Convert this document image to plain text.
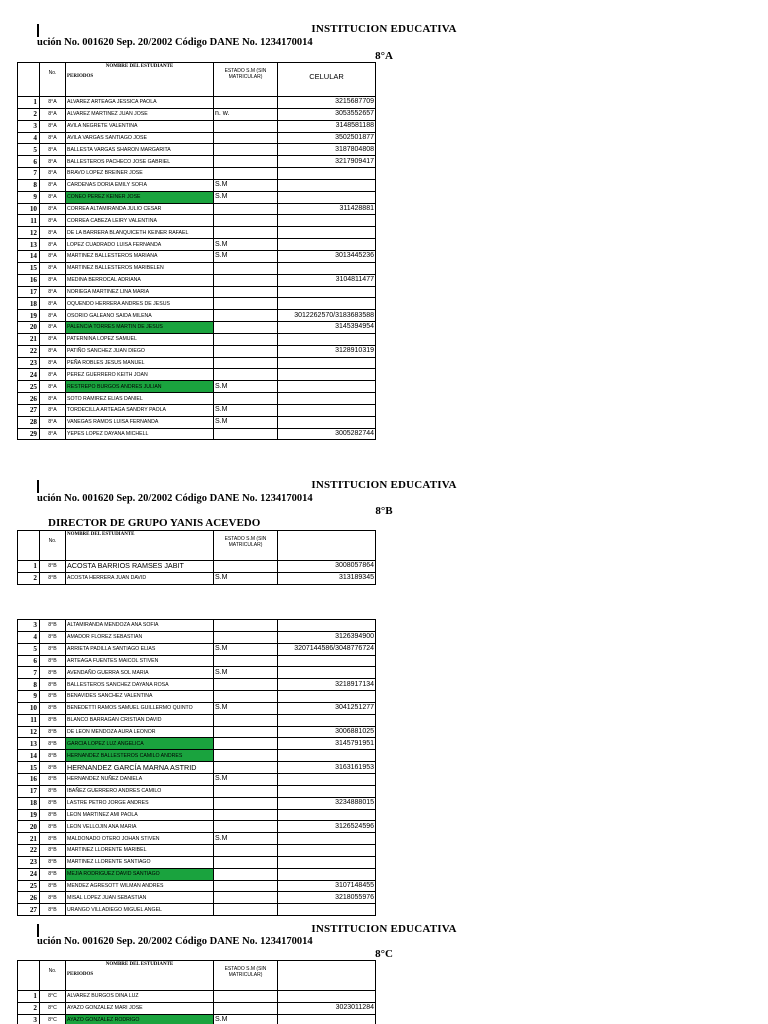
INSTITUCION EDUCATIVA
ución No. 001620 Sep. 20/2002 Código DANE No. 1234170014
8°A
	No.	NOMBRE DEL ESTUDIANTE
PERIODOS	ESTADO S.M (SIN MATRICULAR)	CELULAR
1	8°A	ALVAREZ ARTEAGA JESSICA PAOLA		3215687709
2	8°A	ALVAREZ MARTINEZ JUAN JOSE	n. w.	3053552657
3	8°A	AVILA NEGRETE VALENTINA		3148581188
4	8°A	AVILA VARGAS SANTIAGO JOSE		3502501877
5	8°A	BALLESTA VARGAS SHARON MARGARITA		3187804808
6	8°A	BALLESTEROS PACHECO JOSE GABRIEL		3217909417
7	8°A	BRAVO LOPEZ BREINER JOSE		
8	8°A	CARDENAS DORIA EMILY SOFIA	S.M	
9	8°A	CONEO PEREZ KEINER JOSE	S.M	
10	8°A	CORREA ALTAMIRANDA JULIO CESAR		311428881
11	8°A	CORREA CABEZA LEIRY VALENTINA		
12	8°A	DE LA BARRERA BLANQUICETH KEINER RAFAEL		
13	8°A	LOPEZ CUADRADO LUISA FERNANDA	S.M	
14	8°A	MARTINEZ BALLESTEROS MARIANA	S.M	3013445236
15	8°A	MARTINEZ BALLESTEROS MARIBELEN		
16	8°A	MEDINA BERROCAL ADRIANA		3104811477
17	8°A	NORIEGA MARTINEZ LINA MARIA		
18	8°A	OQUENDO HERRERA ANDRES DE JESUS		
19	8°A	OSORIO GALEANO SAIDA MILENA		3012262570/3183683588
20	8°A	PALENCIA TORRES MARTIN DE JESUS		3145394954
21	8°A	PATERNINA LOPEZ SAMUEL		
22	8°A	PATIÑO SANCHEZ JUAN DIEGO		3128910319
23	8°A	PEÑA ROBLES JESUS MANUEL		
24	8°A	PEREZ GUERRERO KEITH JOAN		
25	8°A	RESTREPO BURGOS ANDRES JULIAN	S.M	
26	8°A	SOTO RAMIREZ ELIAS DANIEL		
27	8°A	TORDECILLA ARTEAGA SANDRY PAOLA	S.M	
28	8°A	VANEGAS RAMOS LUISA FERNANDA	S.M	
29	8°A	YEPES LOPEZ DAYANA MICHELL		3005282744
INSTITUCION EDUCATIVA
ución No. 001620 Sep. 20/2002 Código DANE No. 1234170014
8°B
DIRECTOR DE GRUPO YANIS ACEVEDO
	No.	NOMBRE DEL ESTUDIANTE	ESTADO S.M (SIN MATRICULAR)	
1	8°B	ACOSTA BARRIOS RAMSES JABIT		3008057864
2	8°B	ACOSTA HERRERA JUAN DAVID	S.M	313189345
3	8°B	ALTAMIRANDA MENDOZA ANA SOFIA		
4	8°B	AMADOR FLOREZ SEBASTIAN		3126394900
5	8°B	ARRIETA PADILLA SANTIAGO ELIAS	S.M	3207144586/3048776724
6	8°B	ARTEAGA FUENTES MAICOL STIVEN		
7	8°B	AVENDAÑO GUERRA SOL MARIA	S.M	
8	8°B	BALLESTEROS SANCHEZ DAYANA ROSA		3218917134
9	8°B	BENAVIDES SANCHEZ VALENTINA		
10	8°B	BENEDETTI RAMOS SAMUEL GUILLERMO QUINTO	S.M	3041251277
11	8°B	BLANCO BARRAGAN CRISTIAN DAVID		
12	8°B	DE LEON MENDOZA AURA LEONOR		3006881025
13	8°B	GARCIA LOPEZ LUZ ANGELICA		3145791951
14	8°B	HERNANDEZ BALLESTEROS CAMILO ANDRES		
15	8°B	HERNANDEZ GARCÍA MARNA ASTRID		3163161953
16	8°B	HERNANDEZ NUÑEZ DANIELA	S.M	
17	8°B	IBAÑEZ GUERRERO ANDRES CAMILO		
18	8°B	LASTRE PETRO JORGE ANDRES		3234888015
19	8°B	LEON MARTINEZ AMI PAOLA		
20	8°B	LEON VELLOJIN ANA MARIA		3126524596
21	8°B	MALDONADO OTERO JOHAN STIVEN	S.M	
22	8°B	MARTINEZ LLORENTE MARIBEL		
23	8°B	MARTINEZ LLORENTE SANTIAGO		
24	8°B	MEJIA RODRIGUEZ DAVID SANTIAGO		
25	8°B	MENDEZ AGRESOTT WILMAN ANDRES		3107148455
26	8°B	MISAL LOPEZ JUAN SEBASTIAN		3218055976
27	8°B	URANGO VILLADIEGO MIGUEL ANGEL		
INSTITUCION EDUCATIVA
ución No. 001620 Sep. 20/2002 Código DANE No. 1234170014
8°C
	No.	NOMBRE DEL ESTUDIANTE
PERIODOS	ESTADO S.M (SIN MATRICULAR)	
1	8°C	ALVAREZ BURGOS DINA LUZ		
2	8°C	AYAZO GONZALEZ MARI JOSE		3023011284
3	8°C	AYAZO GONZALEZ RODRIGO	S.M	
